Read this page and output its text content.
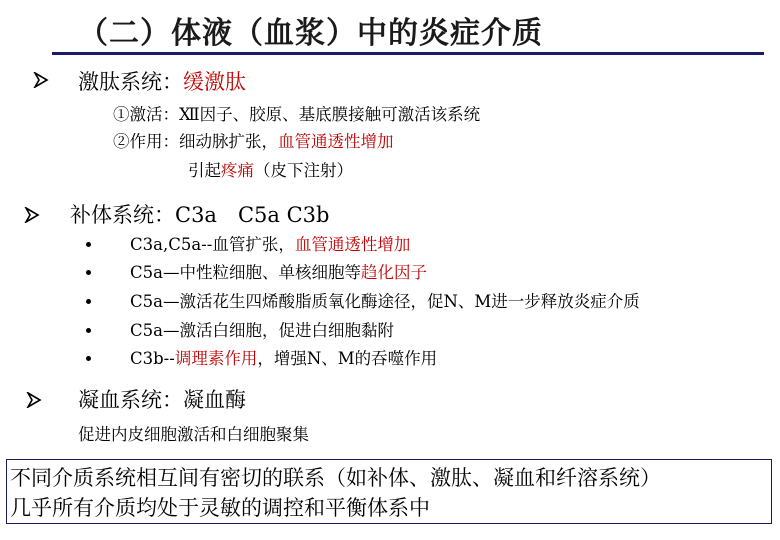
（二）体液（血浆）中的炎症介质
激肽系统：缓激肽
①激活：Ⅻ因子、胶原、基底膜接触可激活该系统
②作用：细动脉扩张，血管通透性增加
引起疼痛（皮下注射）
补体系统：C3a　C5a C3b
C3a,C5a--血管扩张，血管通透性增加
C5a—中性粒细胞、单核细胞等趋化因子
C5a—激活花生四烯酸脂质氧化酶途径，促N、M进一步释放炎症介质
C5a—激活白细胞，促进白细胞黏附
C3b--调理素作用，增强N、M的吞噬作用
凝血系统：凝血酶
促进内皮细胞激活和白细胞聚集
不同介质系统相互间有密切的联系（如补体、激肽、凝血和纤溶系统）
几乎所有介质均处于灵敏的调控和平衡体系中
